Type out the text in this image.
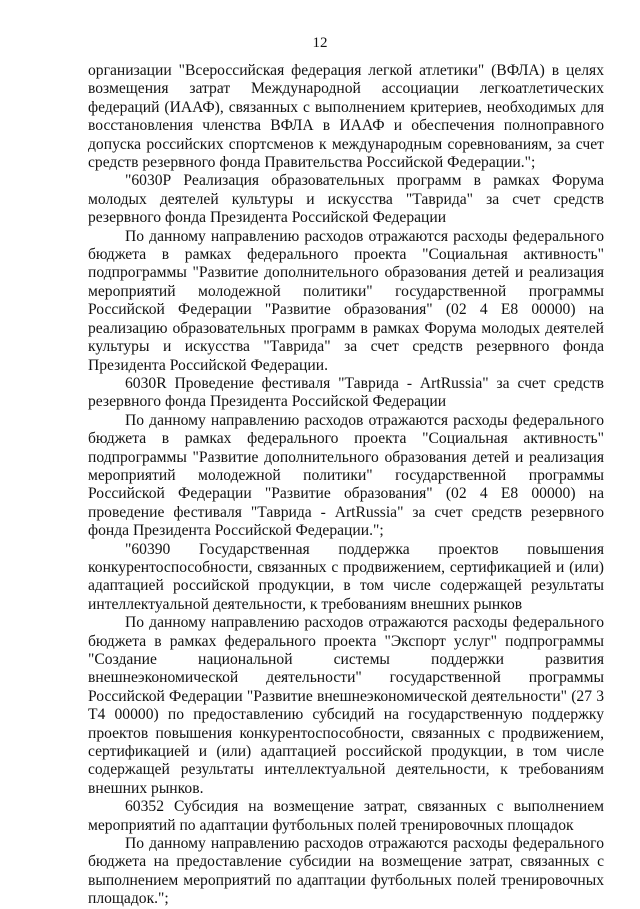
12

организации "Всероссийская федерация легкой атлетики" (ВФЛА) в целях возмещения затрат Международной ассоциации легкоатлетических федераций (ИААФ), связанных с выполнением критериев, необходимых для восстановления членства ВФЛА в ИААФ и обеспечения полноправного допуска российских спортсменов к международным соревнованиям, за счет средств резервного фонда Правительства Российской Федерации.";

"6030Р Реализация образовательных программ в рамках Форума молодых деятелей культуры и искусства "Таврида" за счет средств резервного фонда Президента Российской Федерации

По данному направлению расходов отражаются расходы федерального бюджета в рамках федерального проекта "Социальная активность" подпрограммы "Развитие дополнительного образования детей и реализация мероприятий молодежной политики" государственной программы Российской Федерации "Развитие образования" (02 4 Е8 00000) на реализацию образовательных программ в рамках Форума молодых деятелей культуры и искусства "Таврида" за счет средств резервного фонда Президента Российской Федерации.

6030R Проведение фестиваля "Таврида - ArtRussia" за счет средств резервного фонда Президента Российской Федерации

По данному направлению расходов отражаются расходы федерального бюджета в рамках федерального проекта "Социальная активность" подпрограммы "Развитие дополнительного образования детей и реализация мероприятий молодежной политики" государственной программы Российской Федерации "Развитие образования" (02 4 Е8 00000) на проведение фестиваля "Таврида - ArtRussia" за счет средств резервного фонда Президента Российской Федерации.";

"60390 Государственная поддержка проектов повышения конкурентоспособности, связанных с продвижением, сертификацией и (или) адаптацией российской продукции, в том числе содержащей результаты интеллектуальной деятельности, к требованиям внешних рынков

По данному направлению расходов отражаются расходы федерального бюджета в рамках федерального проекта "Экспорт услуг" подпрограммы "Создание национальной системы поддержки развития внешнеэкономической деятельности" государственной программы Российской Федерации "Развитие внешнеэкономической деятельности" (27 3 Т4 00000) по предоставлению субсидий на государственную поддержку проектов повышения конкурентоспособности, связанных с продвижением, сертификацией и (или) адаптацией российской продукции, в том числе содержащей результаты интеллектуальной деятельности, к требованиям внешних рынков.

60352 Субсидия на возмещение затрат, связанных с выполнением мероприятий по адаптации футбольных полей тренировочных площадок

По данному направлению расходов отражаются расходы федерального бюджета на предоставление субсидии на возмещение затрат, связанных с выполнением мероприятий по адаптации футбольных полей тренировочных площадок.";
